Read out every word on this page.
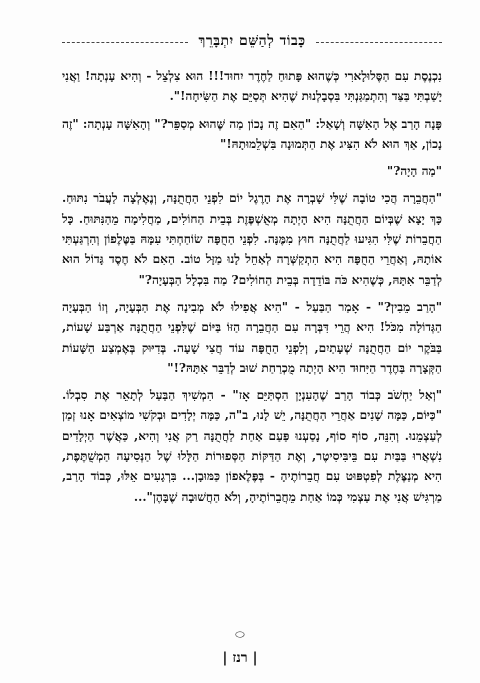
כָּבוֹד לְהַשֵּׁם יִתְבָּרֵךְ

נִכְנֶסֶת עִם הַסֶּלוּלָארִי כְּשֶׁהוּא פָּתוּחַ לַחֶדֶר יִחוּד!!! הוּא צִלְצֵל - וְהִיא עָנְתָה! וַאֲנִי יָשַׁבְתִּי בַּצַּד וְהִתְמַגַּנְתִּי בִּסְבָלְנוּת שֶׁהִיא תְּסַיֵּם אֶת הַשִּׂיחָה!".

פָּנָה הָרַב אֶל הָאִשָּׁה וְשָׁאַל: "הַאִם זֶה נָכוֹן מַה שֶּׁהוּא מְסַפֵּר?" וְהָאִשָּׁה עָנְתָה: "זֶה נָכוֹן, אַךְ הוּא לֹא הִצִּיג אֶת הַתְּמוּנָה בִּשְׁלֵמוּתָהּ!"

"מַה הָיָה?"

"הַחֲבֵרָה הֲכִי טוֹבָה שֶׁלִּי שָׁבְרָה אֶת הָרֶגֶל יוֹם לִפְנֵי הַחֲתֻנָּה, וְנֶאֶלְצָה לַעֲבֹר נִתּוּחַ. כָּךְ יָצָא שֶׁבְּיוֹם הַחֲתֻנָּה הִיא הָיְתָה מְאֻשְׁפֶּזֶת בְּבֵית הַחוֹלִים, מַחֲלִימָה מֵהַנִּתּוּחַ. כָּל הַחֲבֵרוֹת שֶׁלִּי הִגִּיעוּ לַחֲתֻנָּה חוּץ מִמֶּנָּה. לִפְנֵי הַחֻפָּה שׂוֹחַחְתִּי עִמָּהּ בַּטֶּלֶפוֹן וְהִרְגַּעְתִּי אוֹתָהּ, וְאַחֲרֵי הַחֻפָּה הִיא הִתְקַשְּׁרָה לְאַחֵל לָנוּ מַזָּל טוֹב. הַאִם לֹא חֶסֶד גָּדוֹל הוּא לְדַבֵּר אִתָּהּ, כְּשֶׁהִיא כֹּה בּוֹדֵדָה בְּבֵית הַחוֹלִים? מַה בִּכְלָל הַבְּעָיָה?"

"הָרַב מֵבִין?" - אָמַר הַבַּעַל - "הִיא אֲפִילוּ לֹא מְבִינָה אֶת הַבְּעָיָה, וְזוֹ הַבְּעָיָה הַגְּדוֹלָה מִכֹּל! הִיא הֲרֵי דִּבְּרָה עִם הַחֲבֵרָה הַזּוֹ בַּיּוֹם שֶׁלִּפְנֵי הַחֲתֻנָּה אַרְבַּע שָׁעוֹת, בַּבֹּקֶר יוֹם הַחֲתֻנָּה שְׁעָתַיִם, וְלִפְנֵי הַחֻפָּה עוֹד חֲצִי שָׁעָה. בְּדִיּוּק בְּאֶמְצַע הַשָּׁעוֹת הַקְּצָרָה בַּחֶדֶר הַיִּחוּד הִיא הָיְתָה מֻכְרַחַת שׁוּב לְדַבֵּר אִתָּהּ?!"

"וְאַל יַחְשֹׁב כְּבוֹד הָרַב שֶׁהָעִנְיָן הִסְתַּיֵּם אָז" - הִמְשִׁיךְ הַבַּעַל לְתָאֵר אֶת סִבְלוֹ. "כַּיּוֹם, כַּמָּה שָׁנִים אַחֲרֵי הַחֲתֻנָּה, יֵשׁ לָנוּ, ב"ה, כַּמָּה יְלָדִים וּבְקֹשִׁי מוֹצְאִים אָנוּ זְמַן לְעַצְמֵנוּ. וְהִנֵּה, סוֹף סוֹף, נָסַעְנוּ פַּעַם אַחַת לַחֲתֻנָּה רַק אֲנִי וְהִיא, כַּאֲשֶׁר הַיְלָדִים נִשְׁאֲרוּ בַּבַּיִת עִם בֵּיבִּיסִיטֶר, וְאֶת הַדַּקּוֹת הַסְּפוּרוֹת הַלָּלוּ שֶׁל הַנְּסִיעָה הַמְשֻׁתֶּפֶת, הִיא מְנַצֶּלֶת לְפִטְפּוּט עִם חֲבֵרוֹתֶיהָ - בְּפֶּלֶאפוֹן כַּמּוּבָן... בִּרְגָעִים אֵלּוּ, כְּבוֹד הָרַב, מַרְגִּישׁ אֲנִי אֶת עַצְמִי כְּמוֹ אַחַת מֵחֲבֵרוֹתֶיהָ, וְלֹא הַחֲשׁוּבָה שֶׁבָּהֶן"...

⬭
| רנז |
